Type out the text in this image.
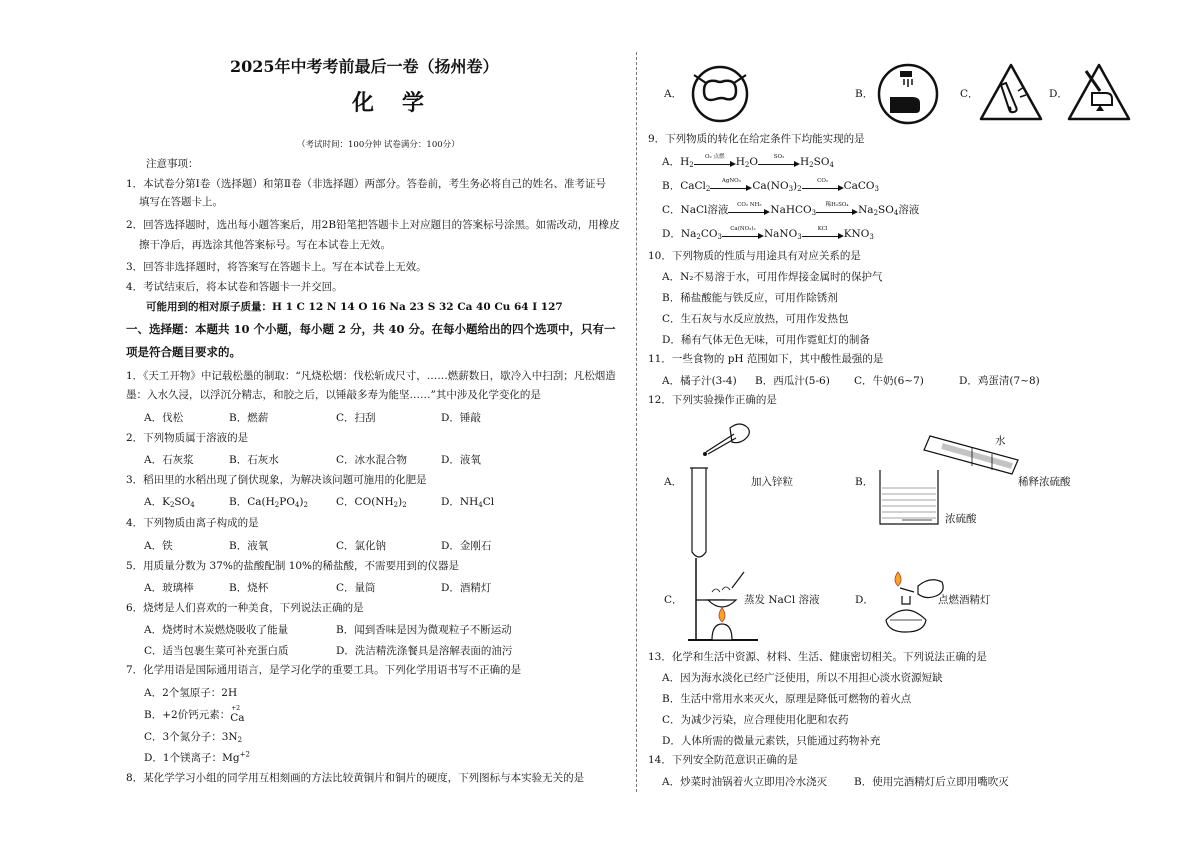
2025年中考考前最后一卷（扬州卷）
化学
（考试时间：100分钟 试卷满分：100分）
注意事项：
1．本试卷分第Ⅰ卷（选择题）和第Ⅱ卷（非选择题）两部分。答卷前，考生务必将自己的姓名、准考证号
填写在答题卡上。
2．回答选择题时，选出每小题答案后，用2B铅笔把答题卡上对应题目的答案标号涂黑。如需改动，用橡皮
擦干净后，再选涂其他答案标号。写在本试卷上无效。
3．回答非选择题时，将答案写在答题卡上。写在本试卷上无效。
4．考试结束后，将本试卷和答题卡一并交回。
可能用到的相对原子质量：H 1 C 12 N 14 O 16 Na 23 S 32 Ca 40 Cu 64 I 127
一、选择题：本题共 10 个小题，每小题 2 分，共 40 分。在每小题给出的四个选项中，只有一
项是符合题目要求的。
1．《天工开物》中记载松墨的制取：“凡烧松烟：伐松斩成尺寸，……燃薪数日，歇冷入中扫刮；凡松烟造
墨：入水久浸，以浮沉分精志，和胶之后，以锤敲多寿为能坚……”其中涉及化学变化的是
A．伐松	B．燃薪	C．扫刮	D．锤敲
2．下列物质属于溶液的是
A．石灰浆	B．石灰水	C．冰水混合物	D．液氧
3．稻田里的水稻出现了倒伏现象，为解决该问题可施用的化肥是
A．$K_2SO_4$	B．$Ca(H_2PO_4)_2$	C．$CO(NH_2)_2$	D．$NH_4Cl$
4．下列物质由离子构成的是
A．铁	B．液氧	C．氯化钠	D．金刚石
5．用质量分数为 37%的盐酸配制 10%的稀盐酸，不需要用到的仪器是
A．玻璃棒	B．烧杯	C．量筒	D．酒精灯
6．烧烤是人们喜欢的一种美食，下列说法正确的是
A．烧烤时木炭燃烧吸收了能量	B．闻到香味是因为微观粒子不断运动
C．适当包裹生菜可补充蛋白质	D．洗洁精洗涤餐具是溶解表面的油污
7．化学用语是国际通用语言，是学习化学的重要工具。下列化学用语书写不正确的是
A．2个氢原子：2H
B．+2价钙元素：
+2
Ca
C．3个氮分子：$3N_2$
D．1个镁离子：$Mg^{+2}$
8．某化学学习小组的同学用互相刻画的方法比较黄铜片和铜片的硬度，下列图标与本实验无关的是
A．	B．	C．	D．
9．下列物质的转化在给定条件下均能实现的是
A．$H_2$
O₂ 点燃	$H_2O$	SO₂	$H_2SO_4$
B．CaCl$_2$
AgNO₃	$Ca(NO_3)_2$
CO₂	CaCO$_3$
C．NaCl溶液	CO₂ NH₃ NaHCO$_3$
稀H₂SO₄ $Na_2SO_4$溶液
D．$Na_2CO_3$
Ca(NO₃)₂ NaNO$_3$
KCl	$KNO_3$
10．下列物质的性质与用途具有对应关系的是
A．N₂不易溶于水，可用作焊接金属时的保护气
B．稀盐酸能与铁反应，可用作除锈剂
C．生石灰与水反应放热，可用作发热包
D．稀有气体无色无味，可用作霓虹灯的制备
11．一些食物的 pH 范围如下，其中酸性最强的是
A．橘子汁(3-4) B．西瓜汁(5-6) C．牛奶(6~7)	D．鸡蛋清(7~8)
12．下列实验操作正确的是
A．	加入锌粒	B．
水
稀释浓硫酸
浓硫酸
C．	蒸发 NaCl 溶液	D．	点燃酒精灯
13．化学和生活中资源、材料、生活、健康密切相关。下列说法正确的是
A．因为海水淡化已经广泛使用，所以不用担心淡水资源短缺
B．生活中常用水来灭火，原理是降低可燃物的着火点
C．为减少污染，应合理使用化肥和农药
D．人体所需的微量元素铁，只能通过药物补充
14．下列安全防范意识正确的是
A．炒菜时油锅着火立即用冷水浇灭	B．使用完酒精灯后立即用嘴吹灭
